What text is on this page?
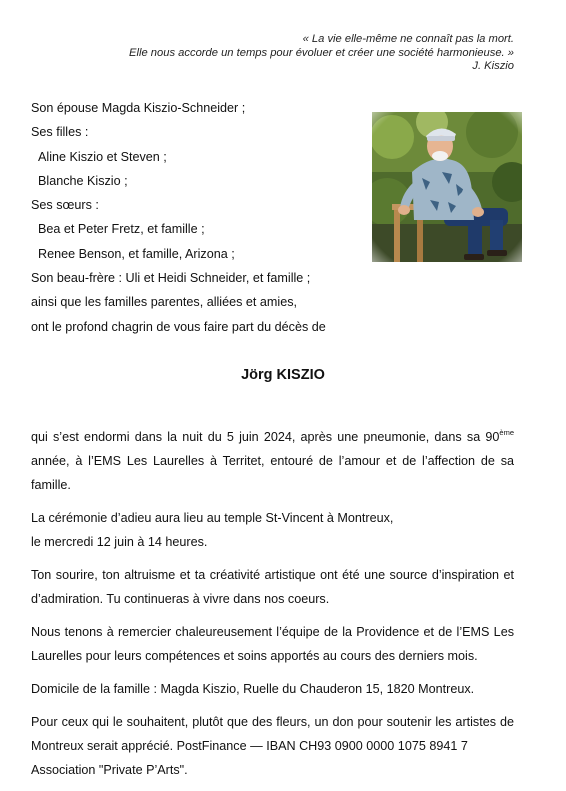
« La vie elle-même ne connaît pas la mort.
Elle nous accorde un temps pour évoluer et créer une société harmonieuse. »
J. Kiszio
Son épouse Magda Kiszio-Schneider ;
Ses filles :
Aline Kiszio et Steven ;
Blanche Kiszio ;
Ses sœurs :
Bea et Peter Fretz, et famille ;
Renee Benson, et famille, Arizona ;
Son beau-frère : Uli et Heidi Schneider, et famille ;
ainsi que les familles parentes, alliées et amies,
ont le profond chagrin de vous faire part du décès de
Jörg KISZIO

qui s’est endormi dans la nuit du 5 juin 2024, après une pneumonie, dans sa 90ème année, à l’EMS Les Laurelles à Territet, entouré de l’amour et de l’affection de sa famille.

La cérémonie d’adieu aura lieu au temple St-Vincent à Montreux,
le mercredi 12 juin à 14 heures.

Ton sourire, ton altruisme et ta créativité artistique ont été une source d’inspiration et d’admiration. Tu continueras à vivre dans nos coeurs.

Nous tenons à remercier chaleureusement l’équipe de la Providence et de l’EMS Les Laurelles pour leurs compétences et soins apportés au cours des derniers mois.

Domicile de la famille : Magda Kiszio, Ruelle du Chauderon 15, 1820 Montreux.

Pour ceux qui le souhaitent, plutôt que des fleurs, un don pour soutenir les artistes de Montreux serait apprécié. PostFinance — IBAN CH93 0900 0000 1075 8941 7
Association "Private P’Arts".
